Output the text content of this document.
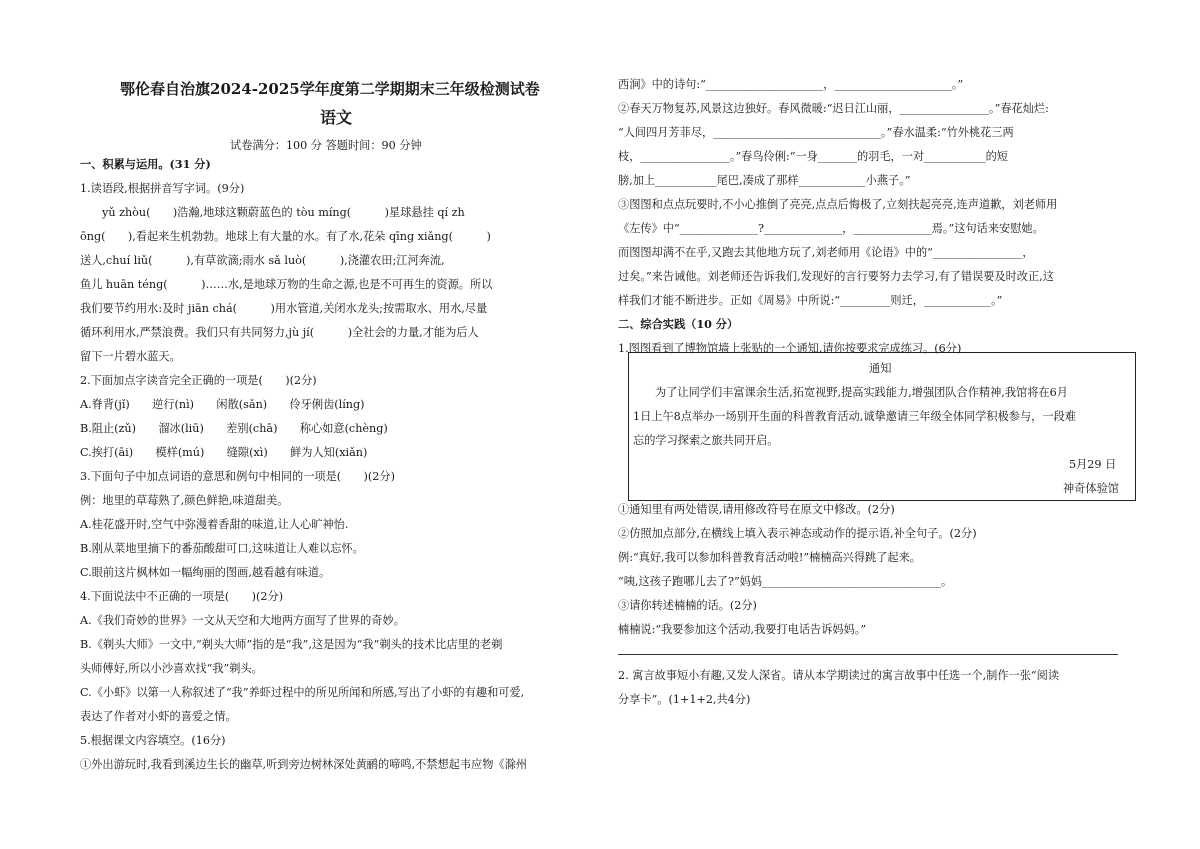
鄂伦春自治旗2024-2025学年度第二学期期末三年级检测试卷
语文
试卷满分：100 分 答题时间：90 分钟
一、积累与运用。(31 分)
1.读语段,根据拼音写字词。(9分)
yǔ zhòu(　　)浩瀚,地球这颗蔚蓝色的 tòu míng(　　　)星球悬挂 qí zh
ōng(　　),看起来生机勃勃。地球上有大量的水。有了水,花朵 qīng xiǎng(　　　)
送人,chuí liǔ(　　　),有草欲滴;雨水 sǎ luò(　　　),浇灌农田;江河奔流,
鱼儿 huān téng(　　　)……水,是地球万物的生命之源,也是不可再生的资源。所以
我们要节约用水:及时 jiān chá(　　　)用水管道,关闭水龙头;按需取水、用水,尽量
循环利用水,严禁浪费。我们只有共同努力,jù jí(　　　)全社会的力量,才能为后人
留下一片碧水蓝天。
2.下面加点字读音完全正确的一项是(　　)(2分)
A.脊背(jǐ)　　逆行(nì)　　闲散(sǎn)　　伶牙俐齿(líng)
B.阻止(zǔ)　　溜冰(liū)　　差别(chā)　　称心如意(chèng)
C.挨打(āi)　　模样(mú)　　缝隙(xì)　　鲜为人知(xiǎn)
3.下面句子中加点词语的意思和例句中相同的一项是(　　)(2分)
例：地里的草莓熟了,颜色鲜艳,味道甜美。
A.桂花盛开时,空气中弥漫着香甜的味道,让人心旷神怡.
B.刚从菜地里摘下的番茄酸甜可口,这味道让人难以忘怀。
C.眼前这片枫林如一幅绚丽的图画,越看越有味道。
4.下面说法中不正确的一项是(　　)(2分)
A.《我们奇妙的世界》一文从天空和大地两方面写了世界的奇妙。
B.《剃头大师》一文中,“剃头大师”指的是“我”,这是因为“我”剃头的技术比店里的老剃
头师傅好,所以小沙喜欢找“我”剃头。
C.《小虾》以第一人称叙述了“我”养虾过程中的所见所闻和所感,写出了小虾的有趣和可爱,
表达了作者对小虾的喜爱之情。
5.根据课文内容填空。(16分)
①外出游玩时,我看到溪边生长的幽草,听到旁边树林深处黄鹂的啼鸣,不禁想起韦应物《滁州
西涧》中的诗句:“_____________________，_____________________。”
②春天万物复苏,风景这边独好。春风微暖:“迟日江山丽，________________。”春花灿烂:
“人间四月芳菲尽，______________________________。”春水温柔:“竹外桃花三两
枝，________________。”春鸟伶俐:“一身_______的羽毛，一对___________的短
膀,加上___________尾巴,凑成了那样____________小燕子。”
③图图和点点玩要时,不小心推倒了亮亮,点点后悔极了,立刻扶起亮亮,连声道歉，刘老师用
《左传》中“______________?______________，______________焉。”这句话来安慰她。
而图图却满不在乎,又跑去其他地方玩了,刘老师用《论语》中的“________________，
过矣。”来告诫他。刘老师还告诉我们,发现好的言行要努力去学习,有了错误要及时改正,这
样我们才能不断进步。正如《周易》中所说:“_________则迁，____________。”
二、综合实践（10 分）
1.图图看到了博物馆墙上张贴的一个通知,请你按要求完成练习。(6分)
通知
为了让同学们丰富课余生活,拓宽视野,提高实践能力,增强团队合作精神,我馆将在6月
1日上午8点举办一场别开生面的科普教育活动,诚挚邀请三年级全体同学积极参与，一段难
忘的学习探索之旅共同开启。
5月29 日
神奇体验馆
①通知里有两处错误,请用修改符号在原文中修改。(2分)
②仿照加点部分,在横线上填入表示神态或动作的提示语,补全句子。(2分)
例:“真好,我可以参加科普教育活动啦!”楠楠高兴得跳了起来。
“咦,这孩子跑哪儿去了?”妈妈________________________________。
③请你转述楠楠的话。(2分)
楠楠说:“我要参加这个活动,我要打电话告诉妈妈。”
2. 寓言故事短小有趣,又发人深省。请从本学期读过的寓言故事中任选一个,制作一张“阅读
分享卡”。(1+1+2,共4分)
